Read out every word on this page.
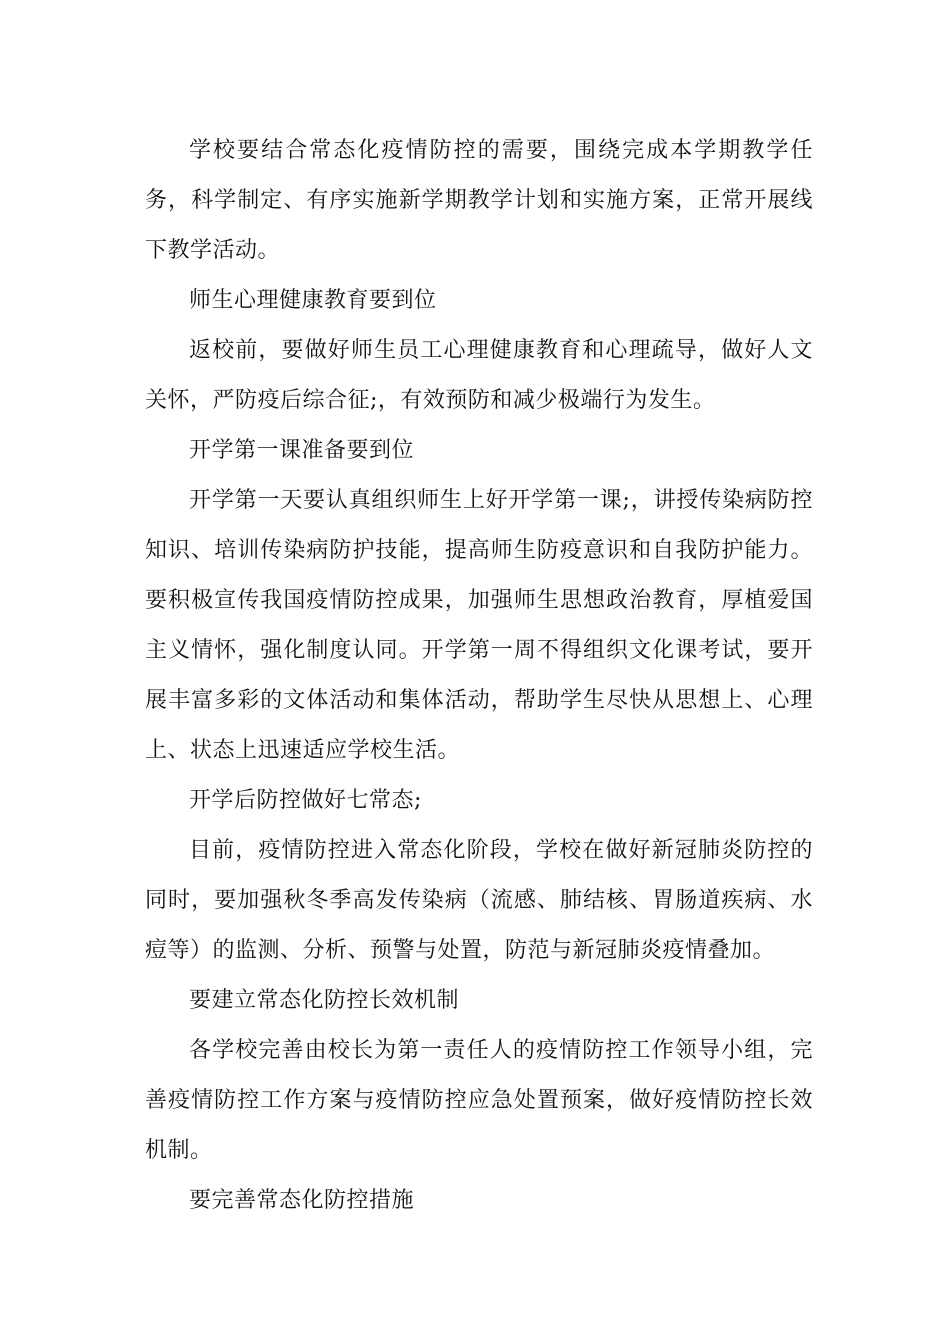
学校要结合常态化疫情防控的需要，围绕完成本学期教学任务，科学制定、有序实施新学期教学计划和实施方案，正常开展线下教学活动。

师生心理健康教育要到位

返校前，要做好师生员工心理健康教育和心理疏导，做好人文关怀，严防疫后综合征;，有效预防和减少极端行为发生。

开学第一课准备要到位

开学第一天要认真组织师生上好开学第一课;，讲授传染病防控知识、培训传染病防护技能，提高师生防疫意识和自我防护能力。要积极宣传我国疫情防控成果，加强师生思想政治教育，厚植爱国主义情怀，强化制度认同。开学第一周不得组织文化课考试，要开展丰富多彩的文体活动和集体活动，帮助学生尽快从思想上、心理上、状态上迅速适应学校生活。

开学后防控做好七常态;

目前，疫情防控进入常态化阶段，学校在做好新冠肺炎防控的同时，要加强秋冬季高发传染病（流感、肺结核、胃肠道疾病、水痘等）的监测、分析、预警与处置，防范与新冠肺炎疫情叠加。

要建立常态化防控长效机制

各学校完善由校长为第一责任人的疫情防控工作领导小组，完善疫情防控工作方案与疫情防控应急处置预案，做好疫情防控长效机制。

要完善常态化防控措施
